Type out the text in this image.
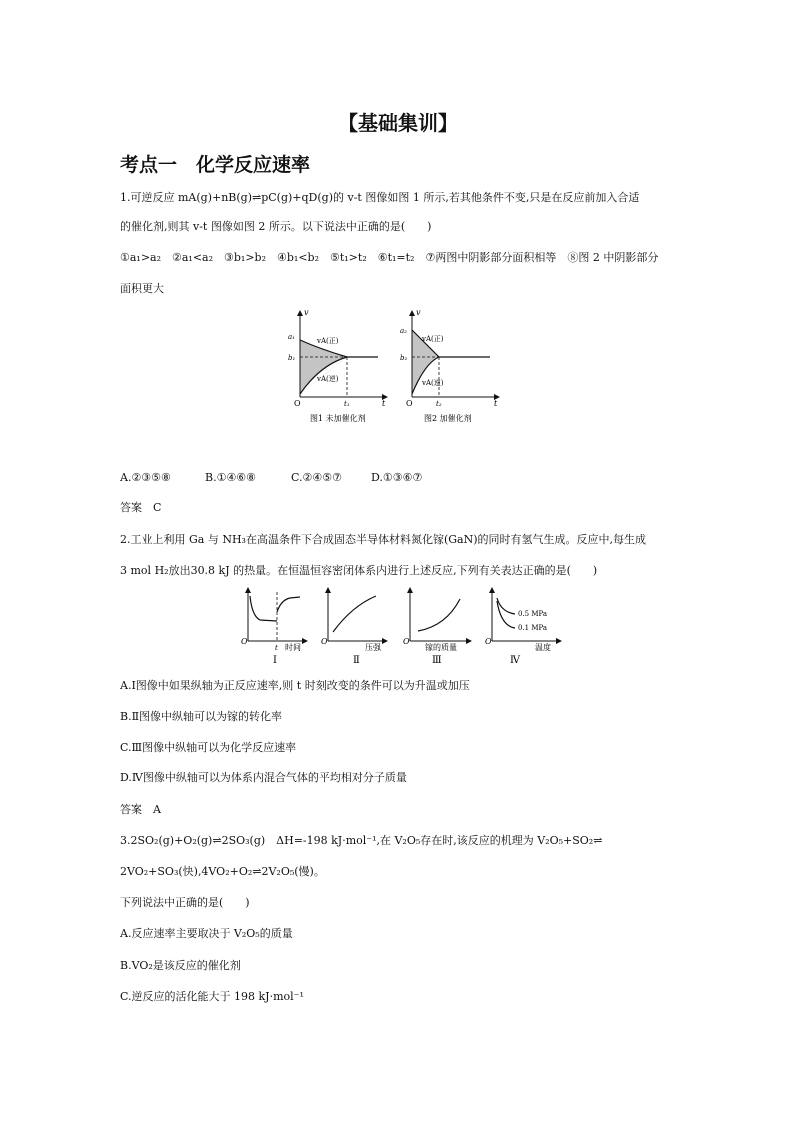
【基础集训】
考点一　化学反应速率
1.可逆反应 mA(g)+nB(g)⇌pC(g)+qD(g)的 v-t 图像如图 1 所示,若其他条件不变,只是在反应前加入合适
的催化剂,则其 v-t 图像如图 2 所示。以下说法中正确的是(　　)
①a₁>a₂　②a₁<a₂　③b₁>b₂　④b₁<b₂　⑤t₁>t₂　⑥t₁=t₂　⑦两图中阴影部分面积相等　⑧图 2 中阴影部分
面积更大
v
a₁
b₁
vA(正)
vA(逆)
O	t₁	t
图1 未加催化剂
v
a₂
b₂
vA(正)
vA(逆)
O	t₂	t
图2 加催化剂
A.②③⑤⑧	B.①④⑥⑧	C.②④⑤⑦	D.①③⑥⑦
答案　C
2.工业上利用 Ga 与 NH₃在高温条件下合成固态半导体材料氮化镓(GaN)的同时有氢气生成。反应中,每生成
3 mol H₂放出30.8 kJ 的热量。在恒温恒容密闭体系内进行上述反应,下列有关表达正确的是(　　)
O
t 时间
Ⅰ
O
压强
Ⅱ
O
镓的质量
Ⅲ
0.5 MPa
0.1 MPa
O
温度
Ⅳ
A.Ⅰ图像中如果纵轴为正反应速率,则 t 时刻改变的条件可以为升温或加压
B.Ⅱ图像中纵轴可以为镓的转化率
C.Ⅲ图像中纵轴可以为化学反应速率
D.Ⅳ图像中纵轴可以为体系内混合气体的平均相对分子质量
答案　A
3.2SO₂(g)+O₂(g)⇌2SO₃(g)　ΔH=-198 kJ·mol⁻¹,在 V₂O₅存在时,该反应的机理为 V₂O₅+SO₂⇌
2VO₂+SO₃(快),4VO₂+O₂⇌2V₂O₅(慢)。
下列说法中正确的是(　　)
A.反应速率主要取决于 V₂O₅的质量
B.VO₂是该反应的催化剂
C.逆反应的活化能大于 198 kJ·mol⁻¹
